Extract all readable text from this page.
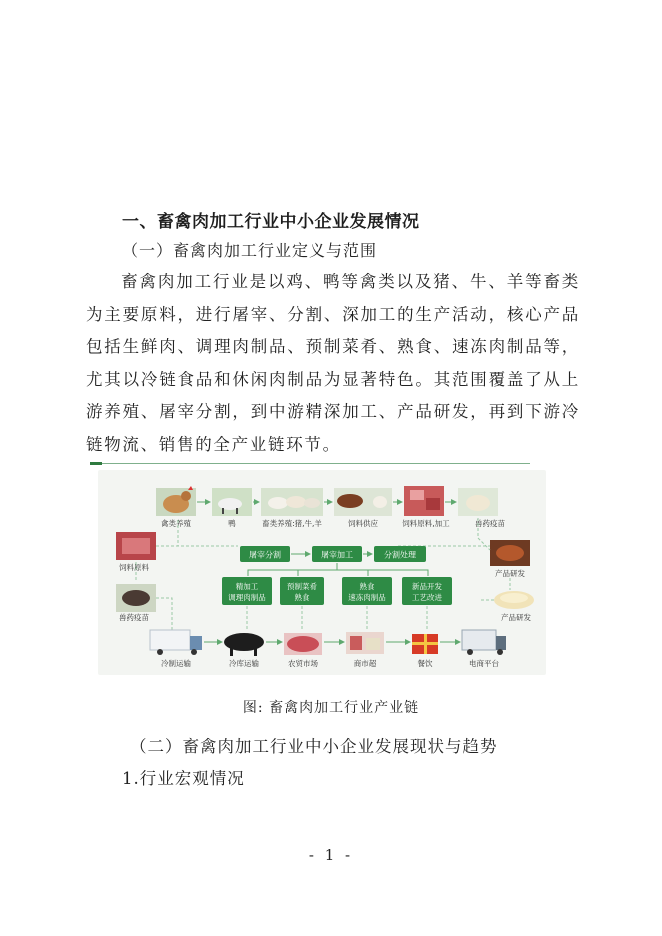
一、畜禽肉加工行业中小企业发展情况
（一）畜禽肉加工行业定义与范围
畜禽肉加工行业是以鸡、鸭等禽类以及猪、牛、羊等畜类为主要原料，进行屠宰、分割、深加工的生产活动，核心产品包括生鲜肉、调理肉制品、预制菜肴、熟食、速冻肉制品等，尤其以冷链食品和休闲肉制品为显著特色。其范围覆盖了从上游养殖、屠宰分割，到中游精深加工、产品研发，再到下游冷链物流、销售的全产业链环节。
禽类养殖	鸭	畜类养殖:猪,牛,羊	饲料供应	饲料原料,加工	兽药疫苗
饲料原料
兽药疫苗
产品研发
产品研发
屠宰分割	屠宰加工	分割处理
精加工
调理肉制品
预制菜肴
熟食
熟食
速冻肉制品
新品开发
工艺改进
冷制运输	冷库运输	农贸市场	商市超	餐饮	电商平台
图: 畜禽肉加工行业产业链
（二）畜禽肉加工行业中小企业发展现状与趋势
1.行业宏观情况
- 1 -
